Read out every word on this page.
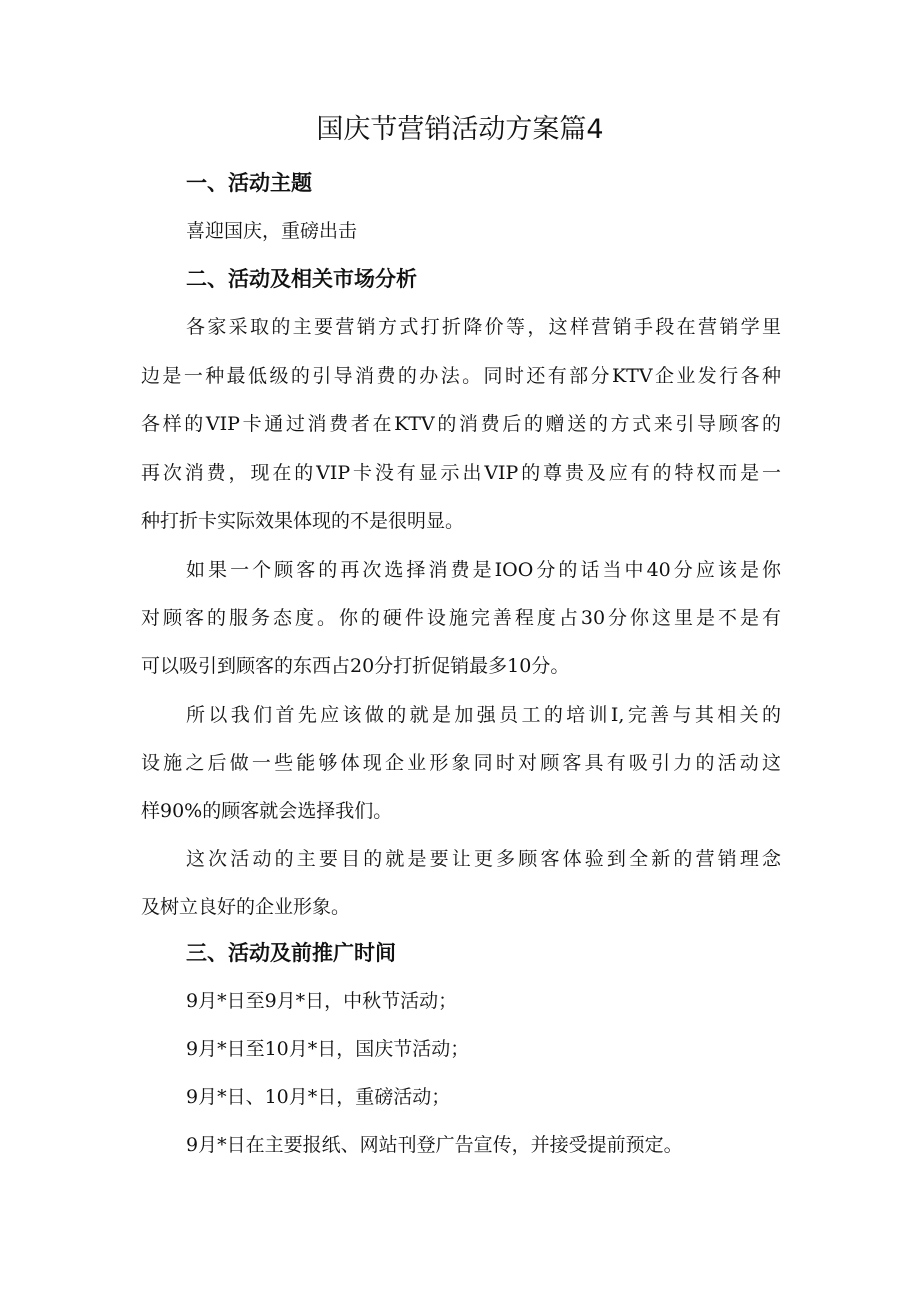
国庆节营销活动方案篇4
一、活动主题
喜迎国庆，重磅出击
二、活动及相关市场分析
各家采取的主要营销方式打折降价等，这样营销手段在营销学里
边是一种最低级的引导消费的办法。同时还有部分KTV企业发行各种
各样的VIP卡通过消费者在KTV的消费后的赠送的方式来引导顾客的
再次消费，现在的VIP卡没有显示出VIP的尊贵及应有的特权而是一
种打折卡实际效果体现的不是很明显。
如果一个顾客的再次选择消费是IOO分的话当中40分应该是你
对顾客的服务态度。你的硬件设施完善程度占30分你这里是不是有
可以吸引到顾客的东西占20分打折促销最多10分。
所以我们首先应该做的就是加强员工的培训I,完善与其相关的
设施之后做一些能够体现企业形象同时对顾客具有吸引力的活动这
样90%的顾客就会选择我们。
这次活动的主要目的就是要让更多顾客体验到全新的营销理念
及树立良好的企业形象。
三、活动及前推广时间
9月*日至9月*日，中秋节活动；
9月*日至10月*日，国庆节活动；
9月*日、10月*日，重磅活动；
9月*日在主要报纸、网站刊登广告宣传，并接受提前预定。
